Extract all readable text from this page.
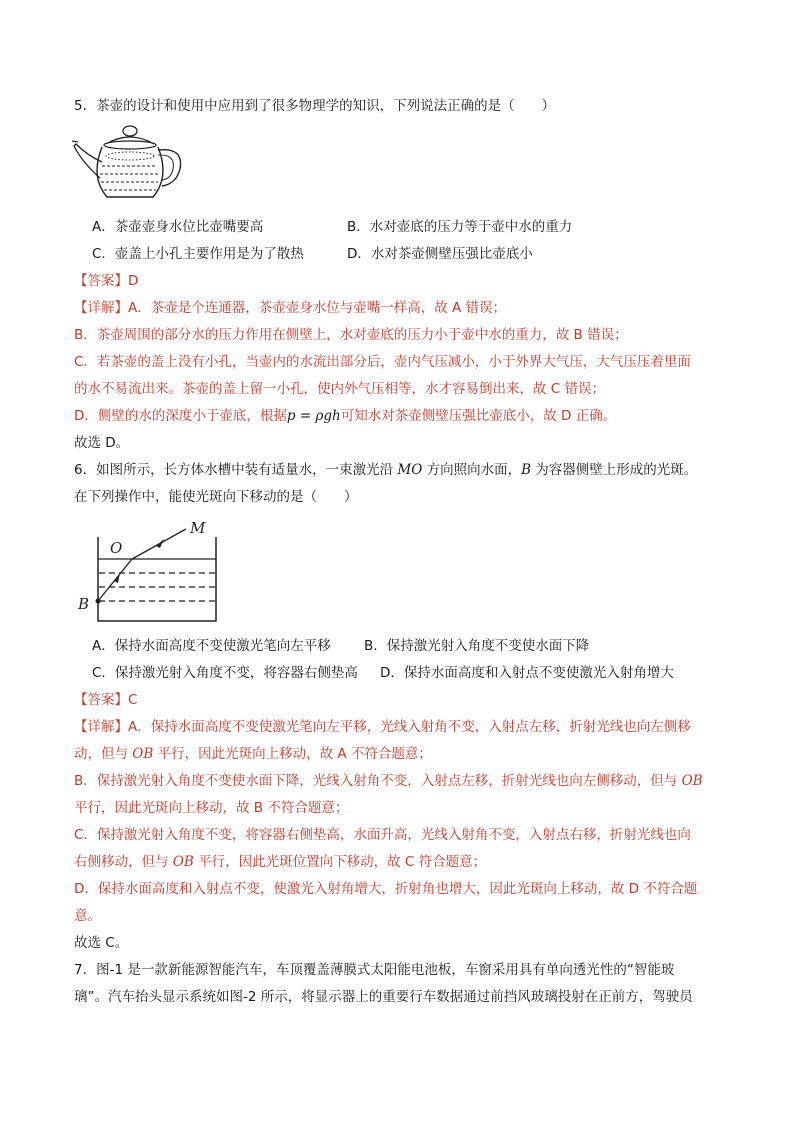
5．茶壶的设计和使用中应用到了很多物理学的知识，下列说法正确的是（　　）
A．茶壶壶身水位比壶嘴要高	B．水对壶底的压力等于壶中水的重力
C．壶盖上小孔主要作用是为了散热	D．水对茶壶侧壁压强比壶底小
【答案】D
【详解】A．茶壶是个连通器，茶壶壶身水位与壶嘴一样高，故 A 错误；
B．茶壶周围的部分水的压力作用在侧壁上，水对壶底的压力小于壶中水的重力，故 B 错误；
C．若茶壶的盖上没有小孔，当壶内的水流出部分后，壶内气压减小，小于外界大气压，大气压压着里面
的水不易流出来。茶壶的盖上留一小孔，使内外气压相等，水才容易倒出来，故 C 错误；
D．侧壁的水的深度小于壶底，根据p = ρgh可知水对茶壶侧壁压强比壶底小，故 D 正确。
故选 D。
6．如图所示，长方体水槽中装有适量水，一束激光沿 MO 方向照向水面，B 为容器侧壁上形成的光斑。
在下列操作中，能使光斑向下移动的是（　　）
M
O
B
A．保持水面高度不变使激光笔向左平移 B．保持激光射入角度不变使水面下降
C．保持激光射入角度不变，将容器右侧垫高 D．保持水面高度和入射点不变使激光入射角增大
【答案】C
【详解】A．保持水面高度不变使激光笔向左平移，光线入射角不变，入射点左移，折射光线也向左侧移
动，但与 OB 平行，因此光斑向上移动，故 A 不符合题意；
B．保持激光射入角度不变使水面下降，光线入射角不变，入射点左移，折射光线也向左侧移动，但与 OB
平行，因此光斑向上移动，故 B 不符合题意；
C．保持激光射入角度不变，将容器右侧垫高，水面升高，光线入射角不变，入射点右移，折射光线也向
右侧移动，但与 OB 平行，因此光斑位置向下移动，故 C 符合题意；
D．保持水面高度和入射点不变，使激光入射角增大，折射角也增大，因此光斑向上移动，故 D 不符合题
意。
故选 C。
7．图-1 是一款新能源智能汽车，车顶覆盖薄膜式太阳能电池板，车窗采用具有单向透光性的“智能玻
璃”。汽车抬头显示系统如图-2 所示，将显示器上的重要行车数据通过前挡风玻璃投射在正前方，驾驶员
